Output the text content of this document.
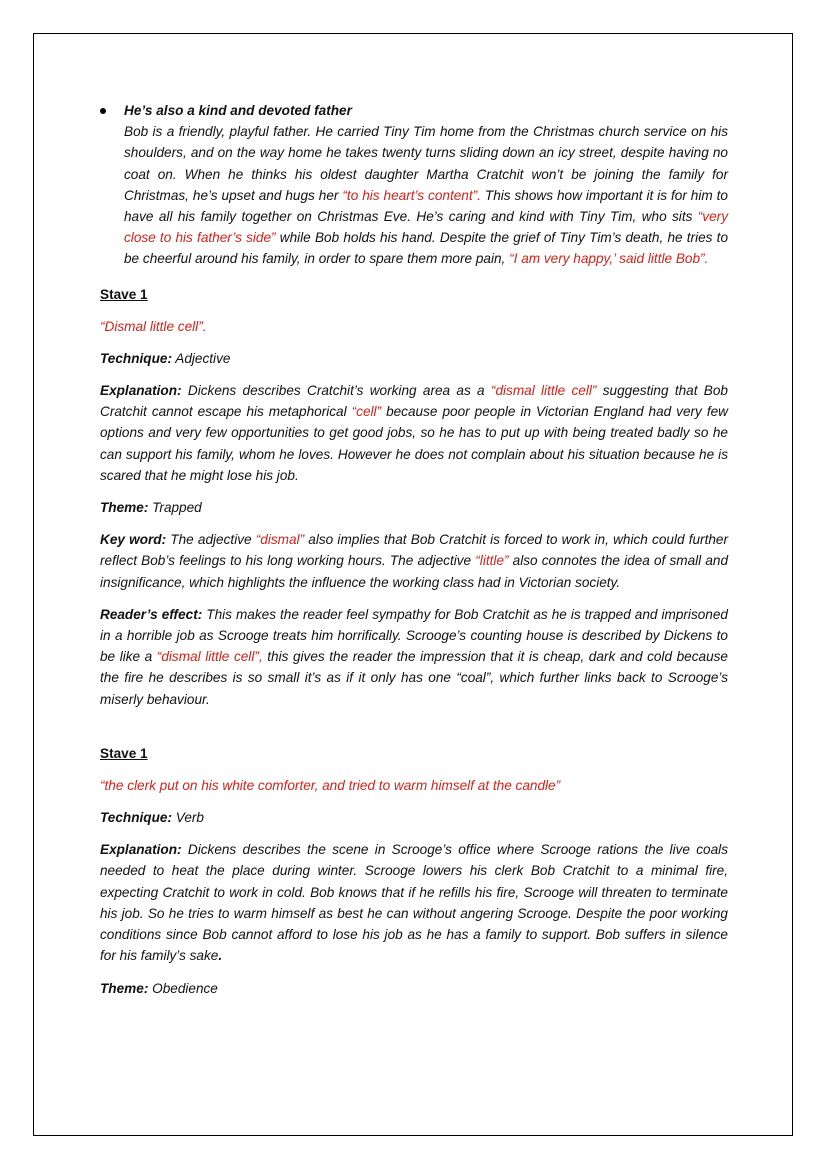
He’s also a kind and devoted father

Bob is a friendly, playful father. He carried Tiny Tim home from the Christmas church service on his shoulders, and on the way home he takes twenty turns sliding down an icy street, despite having no coat on. When he thinks his oldest daughter Martha Cratchit won’t be joining the family for Christmas, he’s upset and hugs her “to his heart’s content”. This shows how important it is for him to have all his family together on Christmas Eve. He’s caring and kind with Tiny Tim, who sits “very close to his father’s side” while Bob holds his hand. Despite the grief of Tiny Tim’s death, he tries to be cheerful around his family, in order to spare them more pain, “I am very happy,’ said little Bob”.

Stave 1

“Dismal little cell”.

Technique: Adjective

Explanation: Dickens describes Cratchit’s working area as a “dismal little cell” suggesting that Bob Cratchit cannot escape his metaphorical “cell” because poor people in Victorian England had very few options and very few opportunities to get good jobs, so he has to put up with being treated badly so he can support his family, whom he loves. However he does not complain about his situation because he is scared that he might lose his job.

Theme: Trapped

Key word: The adjective “dismal” also implies that Bob Cratchit is forced to work in, which could further reflect Bob’s feelings to his long working hours. The adjective “little” also connotes the idea of small and insignificance, which highlights the influence the working class had in Victorian society.

Reader’s effect: This makes the reader feel sympathy for Bob Cratchit as he is trapped and imprisoned in a horrible job as Scrooge treats him horrifically. Scrooge’s counting house is described by Dickens to be like a “dismal little cell”, this gives the reader the impression that it is cheap, dark and cold because the fire he describes is so small it’s as if it only has one “coal”, which further links back to Scrooge’s miserly behaviour.

Stave 1

“the clerk put on his white comforter, and tried to warm himself at the candle”

Technique: Verb

Explanation: Dickens describes the scene in Scrooge’s office where Scrooge rations the live coals needed to heat the place during winter. Scrooge lowers his clerk Bob Cratchit to a minimal fire, expecting Cratchit to work in cold. Bob knows that if he refills his fire, Scrooge will threaten to terminate his job. So he tries to warm himself as best he can without angering Scrooge. Despite the poor working conditions since Bob cannot afford to lose his job as he has a family to support. Bob suffers in silence for his family’s sake.

Theme: Obedience
